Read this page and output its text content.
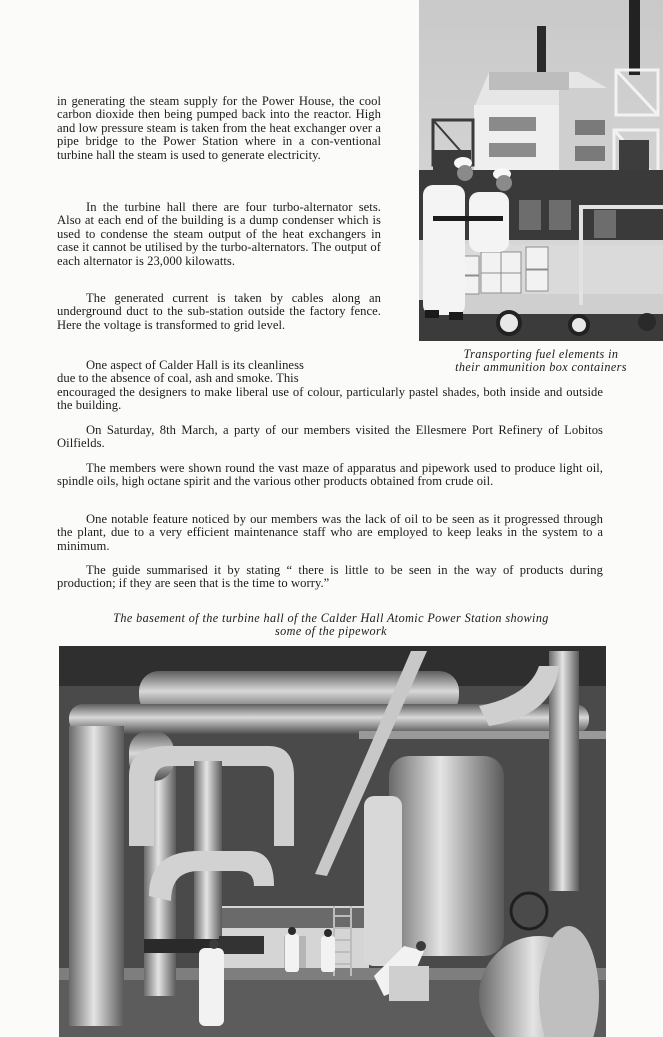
in generating the steam supply for the Power House, the cool carbon dioxide then being pumped back into the reactor. High and low pressure steam is taken from the heat exchanger over a pipe bridge to the Power Station where in a con-ventional turbine hall the steam is used to generate electricity.

In the turbine hall there are four turbo-alternator sets. Also at each end of the building is a dump condenser which is used to condense the steam output of the heat exchangers in case it cannot be utilised by the turbo-alternators. The output of each alternator is 23,000 kilowatts.

The generated current is taken by cables along an underground duct to the sub-station outside the factory fence. Here the voltage is transformed to grid level.

Transporting fuel elements in
their ammunition box containers
One aspect of Calder Hall is its cleanliness
due to the absence of coal, ash and smoke. This

encouraged the designers to make liberal use of colour, particularly pastel shades, both inside and outside the building.

On Saturday, 8th March, a party of our members visited the Ellesmere Port Refinery of Lobitos Oilfields.

The members were shown round the vast maze of apparatus and pipework used to produce light oil, spindle oils, high octane spirit and the various other products obtained from crude oil.

One notable feature noticed by our members was the lack of oil to be seen as it progressed through the plant, due to a very efficient maintenance staff who are employed to keep leaks in the system to a minimum.

The guide summarised it by stating “ there is little to be seen in the way of products during production; if they are seen that is the time to worry.”

The basement of the turbine hall of the Calder Hall Atomic Power Station showing
some of the pipework
